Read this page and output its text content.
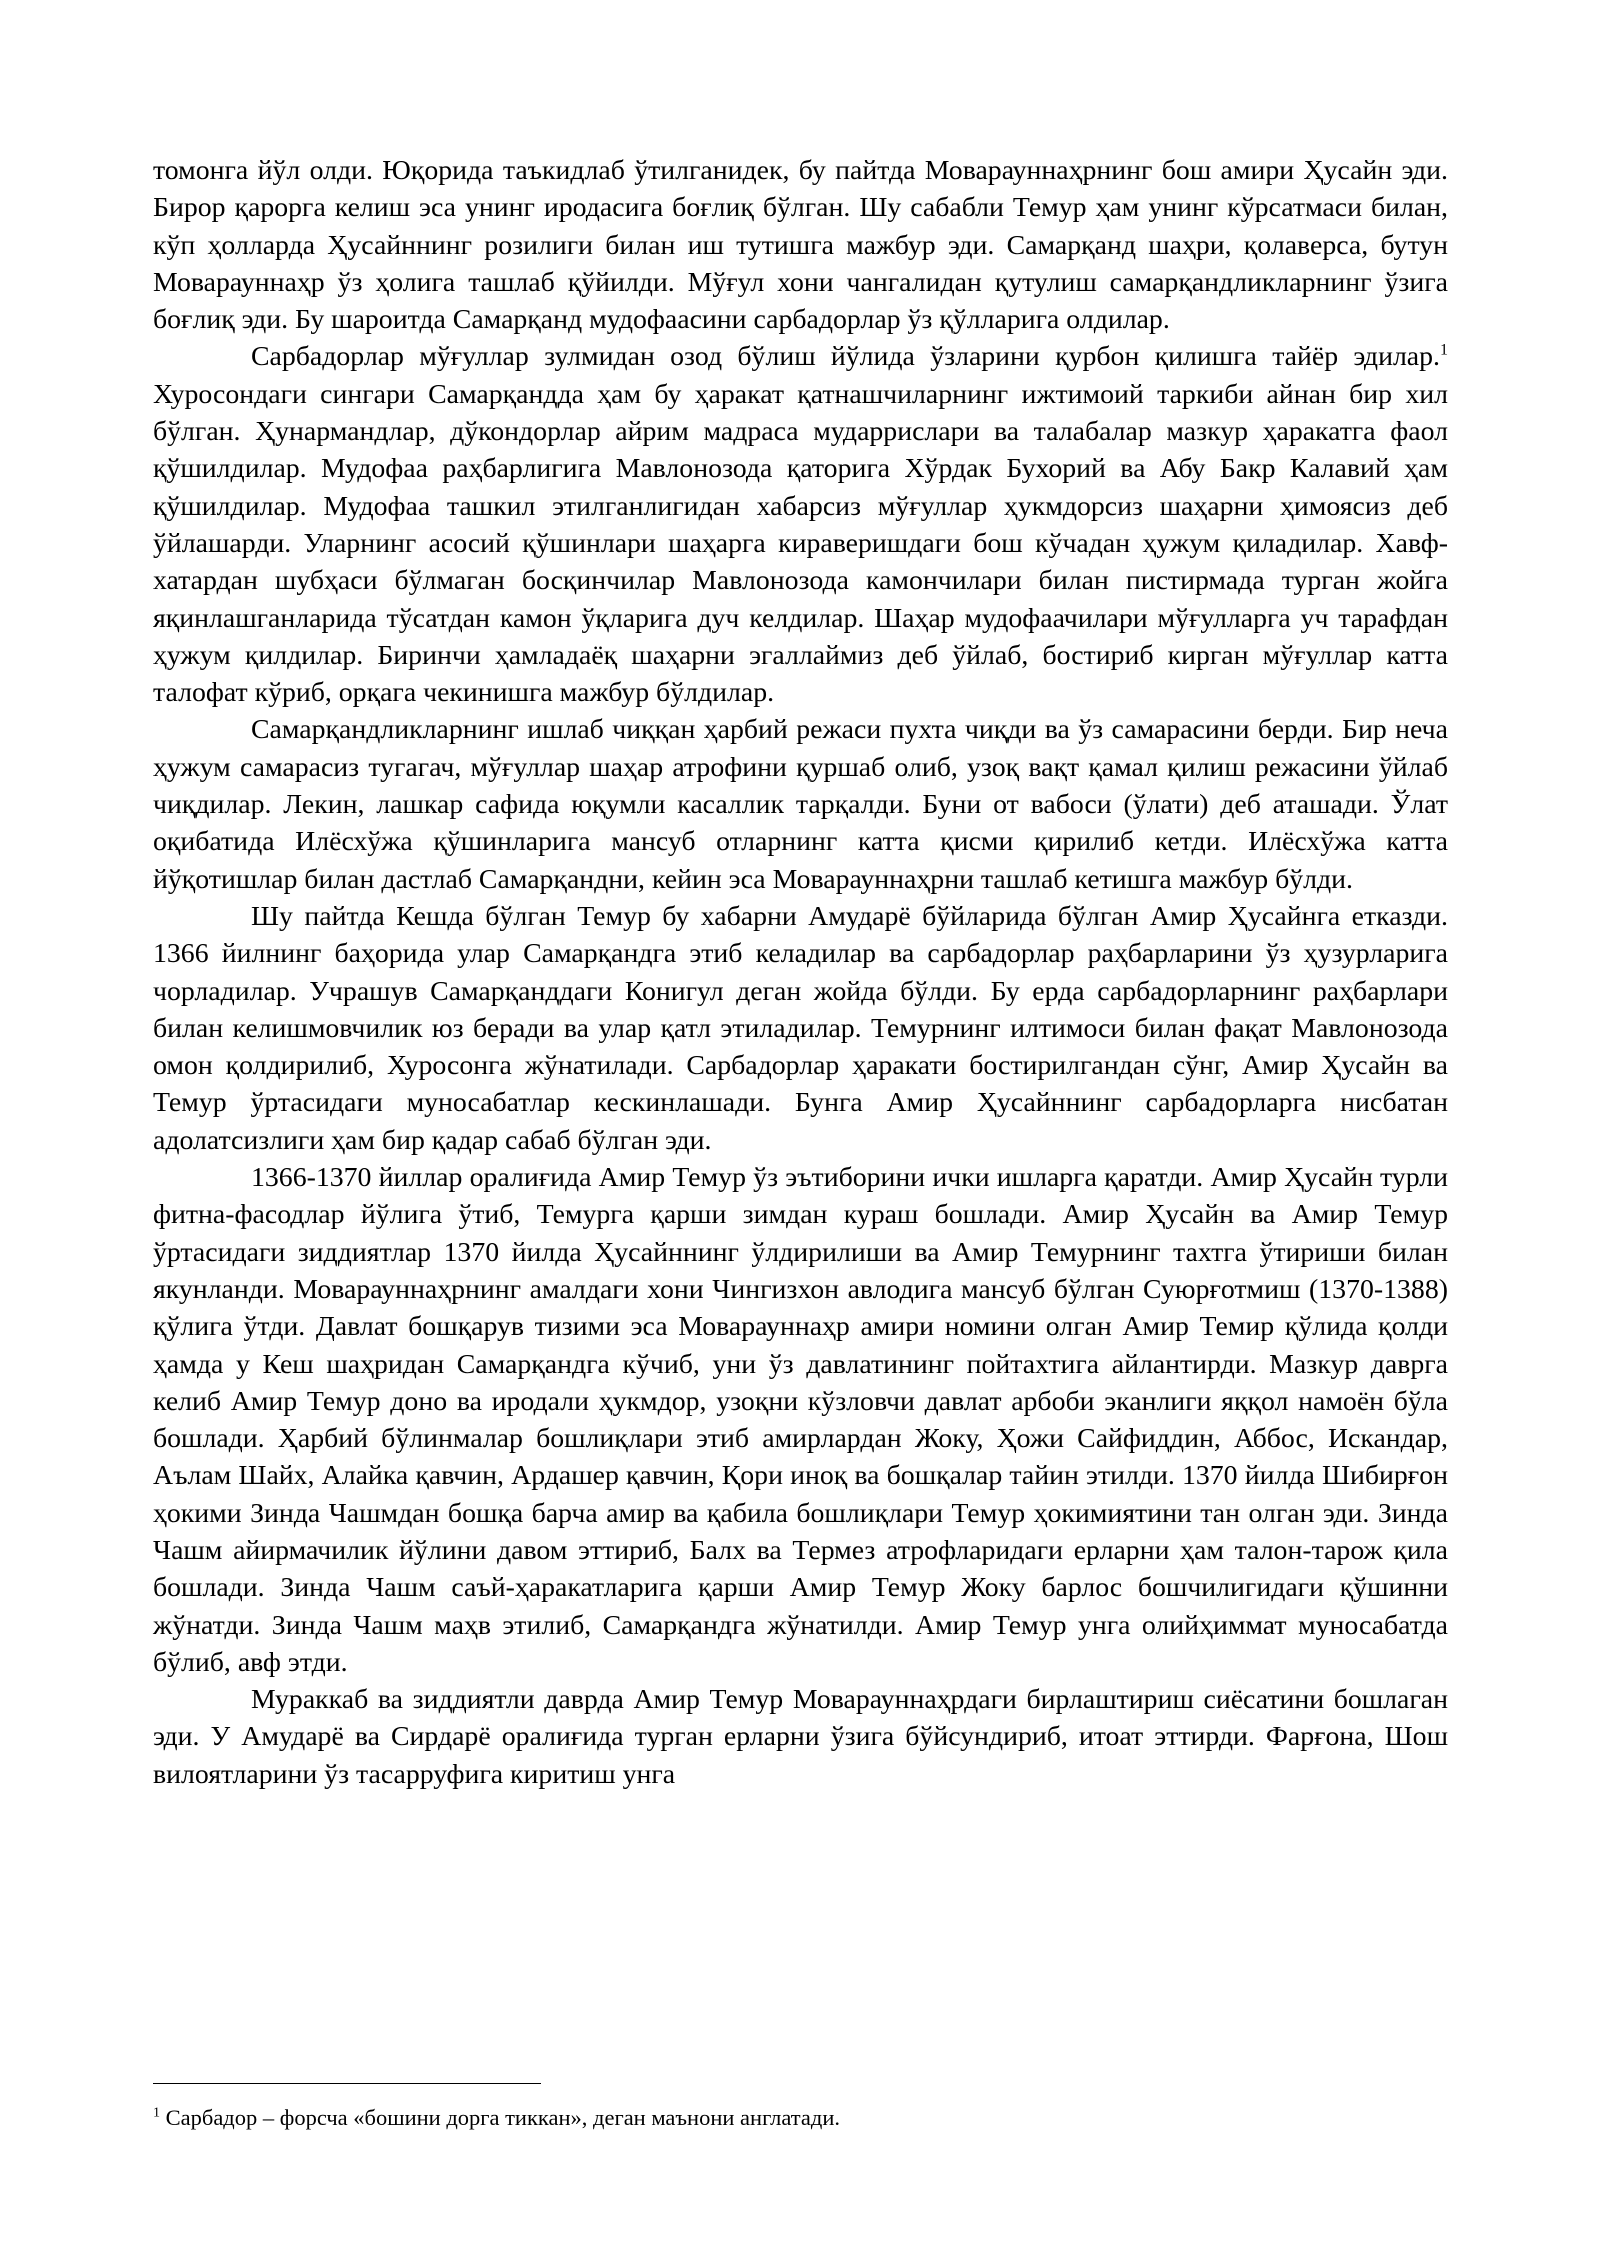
томонга йўл олди. Юқорида таъкидлаб ўтилганидек, бу пайтда Моварауннаҳрнинг бош амири Ҳусайн эди. Бирор қарорга келиш эса унинг иродасига боғлиқ бўлган. Шу сабабли Темур ҳам унинг кўрсатмаси билан, кўп ҳолларда Ҳусайннинг розилиги билан иш тутишга мажбур эди. Самарқанд шаҳри, қолаверса, бутун Моварауннаҳр ўз ҳолига ташлаб қўйилди. Мўғул хони чангалидан қутулиш самарқандликларнинг ўзига боғлиқ эди. Бу шароитда Самарқанд мудофаасини сарбадорлар ўз қўлларига олдилар.

Сарбадорлар мўғуллар зулмидан озод бўлиш йўлида ўзларини қурбон қилишга тайёр эдилар.$^1$ Хуросондаги сингари Самарқандда ҳам бу ҳаракат қатнашчиларнинг ижтимоий таркиби айнан бир хил бўлган. Ҳунармандлар, дўкондорлар айрим мадраса мударрислари ва талабалар мазкур ҳаракатга фаол қўшилдилар. Мудофаа раҳбарлигига Мавлонозода қаторига Хўрдак Бухорий ва Абу Бакр Калавий ҳам қўшилдилар. Мудофаа ташкил этилганлигидан хабарсиз мўғуллар ҳукмдорсиз шаҳарни ҳимоясиз деб ўйлашарди. Уларнинг асосий қўшинлари шаҳарга кираверишдаги бош кўчадан ҳужум қиладилар. Хавф-хатардан шубҳаси бўлмаган босқинчилар Мавлонозода камончилари билан пистирмада турган жойга яқинлашганларида тўсатдан камон ўқларига дуч келдилар. Шаҳар мудофаачилари мўғулларга уч тарафдан ҳужум қилдилар. Биринчи ҳамладаёқ шаҳарни эгаллаймиз деб ўйлаб, бостириб кирган мўғуллар катта талофат кўриб, орқага чекинишга мажбур бўлдилар.

Самарқандликларнинг ишлаб чиққан ҳарбий режаси пухта чиқди ва ўз самарасини берди. Бир неча ҳужум самарасиз тугагач, мўғуллар шаҳар атрофини қуршаб олиб, узоқ вақт қамал қилиш режасини ўйлаб чиқдилар. Лекин, лашкар сафида юқумли касаллик тарқалди. Буни от вабоси (ўлати) деб аташади. Ўлат оқибатида Илёсхўжа қўшинларига мансуб отларнинг катта қисми қирилиб кетди. Илёсхўжа катта йўқотишлар билан дастлаб Самарқандни, кейин эса Моварауннаҳрни ташлаб кетишга мажбур бўлди.

Шу пайтда Кешда бўлган Темур бу хабарни Амударё бўйларида бўлган Амир Ҳусайнга етказди. 1366 йилнинг баҳорида улар Самарқандга этиб келадилар ва сарбадорлар раҳбарларини ўз ҳузурларига чорладилар. Учрашув Самарқанддаги Конигул деган жойда бўлди. Бу ерда сарбадорларнинг раҳбарлари билан келишмовчилик юз беради ва улар қатл этиладилар. Темурнинг илтимоси билан фақат Мавлонозода омон қолдирилиб, Хуросонга жўнатилади. Сарбадорлар ҳаракати бостирилгандан сўнг, Амир Ҳусайн ва Темур ўртасидаги муносабатлар кескинлашади. Бунга Амир Ҳусайннинг сарбадорларга нисбатан адолатсизлиги ҳам бир қадар сабаб бўлган эди.

1366-1370 йиллар оралиғида Амир Темур ўз эътиборини ички ишларга қаратди. Амир Ҳусайн турли фитна-фасодлар йўлига ўтиб, Темурга қарши зимдан кураш бошлади. Амир Ҳусайн ва Амир Темур ўртасидаги зиддиятлар 1370 йилда Ҳусайннинг ўлдирилиши ва Амир Темурнинг тахтга ўтириши билан якунланди. Моварауннаҳрнинг амалдаги хони Чингизхон авлодига мансуб бўлган Суюрғотмиш (1370-1388) қўлига ўтди. Давлат бошқарув тизими эса Моварауннаҳр амири номини олган Амир Темир қўлида қолди ҳамда у Кеш шаҳридан Самарқандга кўчиб, уни ўз давлатининг пойтахтига айлантирди. Мазкур даврга келиб Амир Темур доно ва иродали ҳукмдор, узоқни кўзловчи давлат арбоби эканлиги яққол намоён бўла бошлади. Ҳарбий бўлинмалар бошлиқлари этиб амирлардан Жоку, Ҳожи Сайфиддин, Аббос, Искандар, Аълам Шайх, Алайка қавчин, Ардашер қавчин, Қори иноқ ва бошқалар тайин этилди. 1370 йилда Шибирғон ҳокими Зинда Чашмдан бошқа барча амир ва қабила бошлиқлари Темур ҳокимиятини тан олган эди. Зинда Чашм айирмачилик йўлини давом эттириб, Балх ва Термез атрофларидаги ерларни ҳам талон-тарож қила бошлади. Зинда Чашм саъй-ҳаракатларига қарши Амир Темур Жоку барлос бошчилигидаги қўшинни жўнатди. Зинда Чашм маҳв этилиб, Самарқандга жўнатилди. Амир Темур унга олийҳиммат муносабатда бўлиб, авф этди.

Мураккаб ва зиддиятли даврда Амир Темур Моварауннаҳрдаги бирлаштириш сиёсатини бошлаган эди. У Амударё ва Сирдарё оралиғида турган ерларни ўзига бўйсундириб, итоат эттирди. Фарғона, Шош вилоятларини ўз тасарруфига киритиш унга

$^1$ Сарбадор – форсча «бошини дорга тиккан», деган маънони англатади.
